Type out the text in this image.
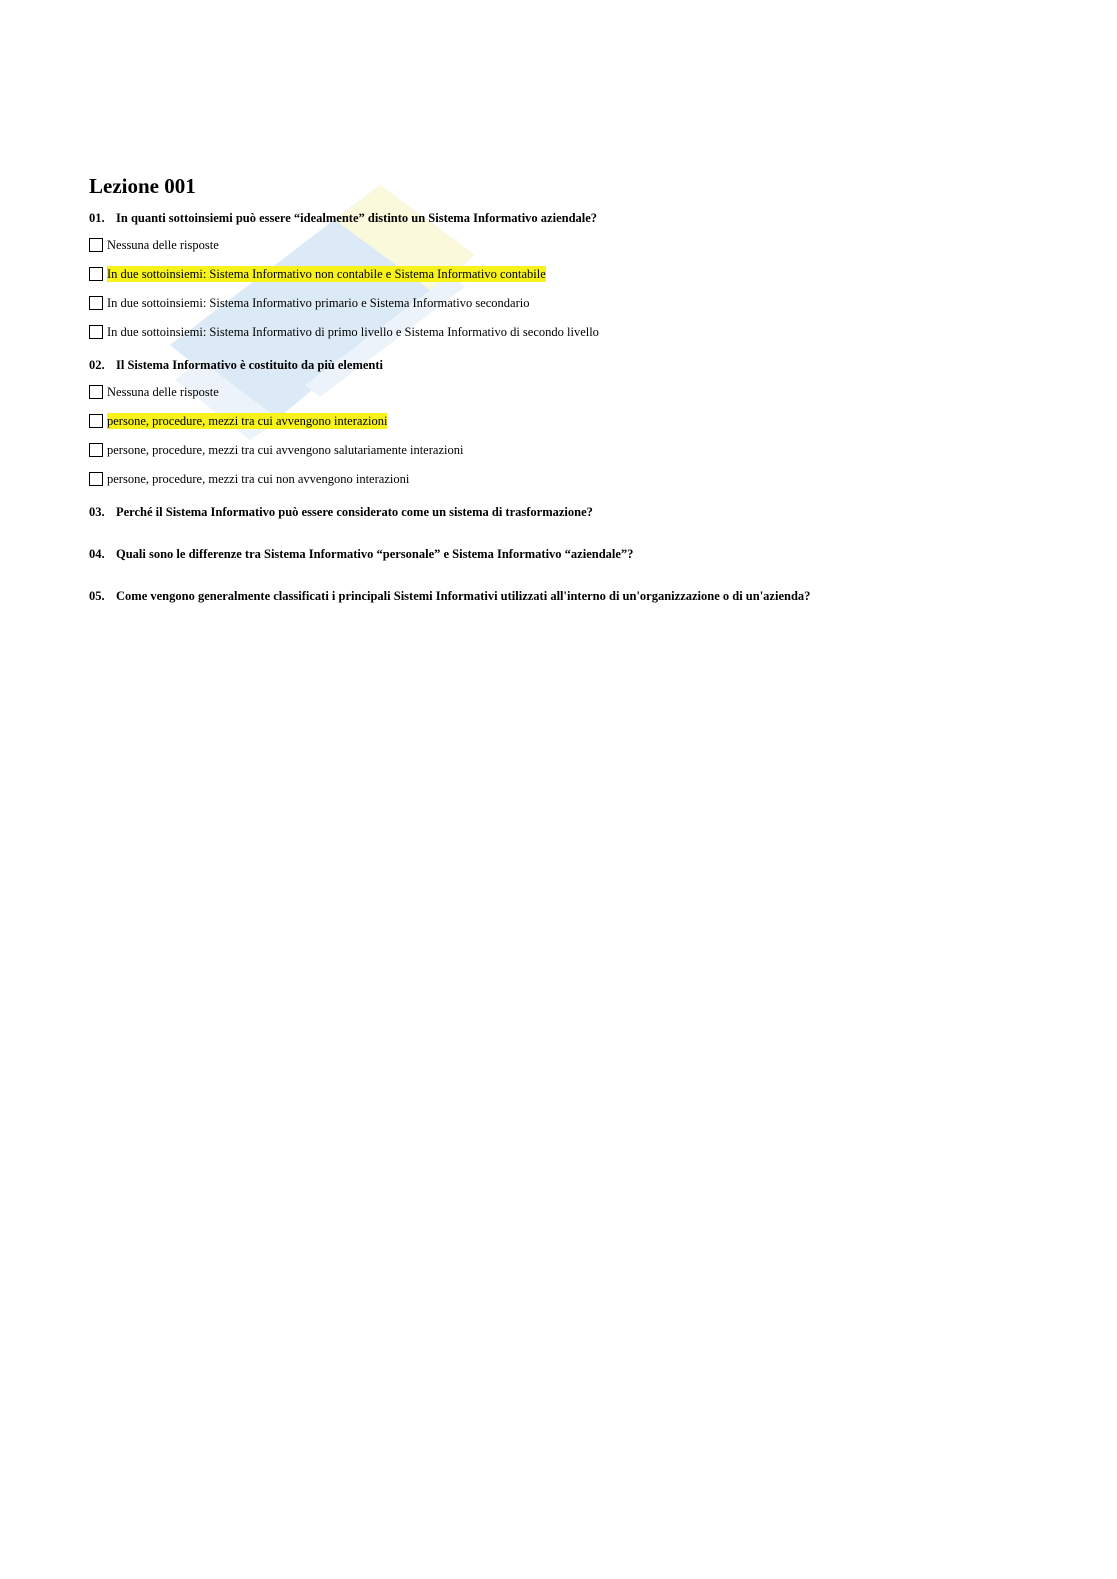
Lezione 001

01. In quanti sottoinsiemi può essere “idealmente” distinto un Sistema Informativo aziendale?

Nessuna delle risposte
In due sottoinsiemi: Sistema Informativo non contabile e Sistema Informativo contabile
In due sottoinsiemi: Sistema Informativo primario e Sistema Informativo secondario
In due sottoinsiemi: Sistema Informativo di primo livello e Sistema Informativo di secondo livello

02. Il Sistema Informativo è costituito da più elementi

Nessuna delle risposte
persone, procedure, mezzi tra cui avvengono interazioni
persone, procedure, mezzi tra cui avvengono salutariamente interazioni
persone, procedure, mezzi tra cui non avvengono interazioni

03. Perché il Sistema Informativo può essere considerato come un sistema di trasformazione?

04. Quali sono le differenze tra Sistema Informativo “personale” e Sistema Informativo “aziendale”?

05. Come vengono generalmente classificati i principali Sistemi Informativi utilizzati all'interno di un'organizzazione o di un'azienda?
